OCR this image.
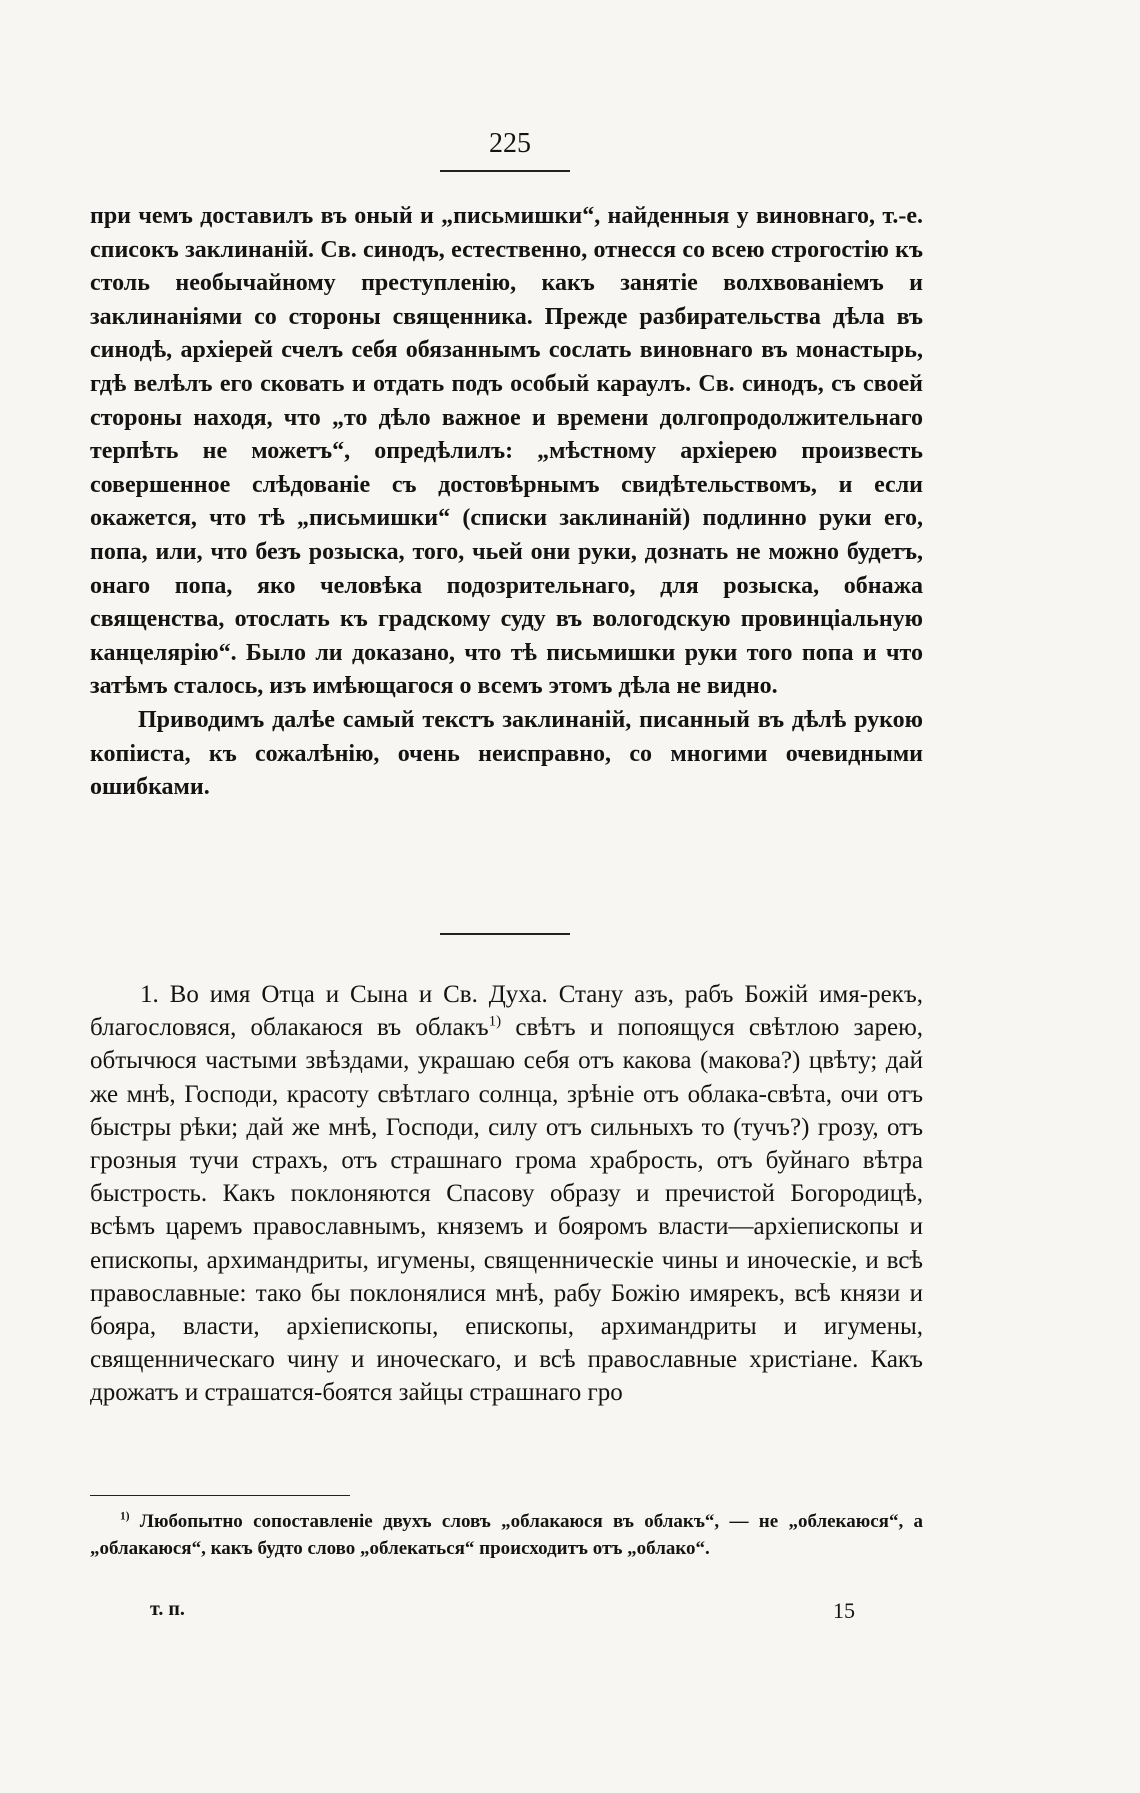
225

при чемъ доставилъ въ оный и „письмишки“, найденныя у виновнаго, т.-е. списокъ заклинаній. Св. синодъ, естественно, отнесся со всею строгостію къ столь необычайному преступленію, какъ занятіе волхвованіемъ и заклинаніями со стороны священника. Прежде разбирательства дѣла въ синодѣ, архіерей счелъ себя обязаннымъ сослать виновнаго въ монастырь, гдѣ велѣлъ его сковать и отдать подъ особый караулъ. Св. синодъ, съ своей стороны находя, что „то дѣло важное и времени долгопродолжительнаго терпѣть не можетъ“, опредѣлилъ: „мѣстному архіерею произвесть совершенное слѣдованіе съ достовѣрнымъ свидѣтельствомъ, и если окажется, что тѣ „письмишки“ (списки заклинаній) подлинно руки его, попа, или, что безъ розыска, того, чьей они руки, дознать не можно будетъ, онаго попа, яко человѣка подозрительнаго, для розыска, обнажа священства, отослать къ градскому суду въ вологодскую провинціальную канцелярію“. Было ли доказано, что тѣ письмишки руки того попа и что затѣмъ сталось, изъ имѣющагося о всемъ этомъ дѣла не видно.

Приводимъ далѣе самый текстъ заклинаній, писанный въ дѣлѣ рукою копіиста, къ сожалѣнію, очень неисправно, со многими очевидными ошибками.

1. Во имя Отца и Сына и Св. Духа. Стану азъ, рабъ Божій имя-рекъ, благословяся, облакаюся въ облакъ$^{1)}$ свѣтъ и попоящуся свѣтлою зарею, обтычюся частыми звѣздами, украшаю себя отъ какова (макова?) цвѣту; дай же мнѣ, Господи, красоту свѣтлаго солнца, зрѣніе отъ облака-свѣта, очи отъ быстры рѣки; дай же мнѣ, Господи, силу отъ сильныхъ то (тучъ?) грозу, отъ грозныя тучи страхъ, отъ страшнаго грома храбрость, отъ буйнаго вѣтра быстрость. Какъ поклоняются Спасову образу и пречистой Богородицѣ, всѣмъ царемъ православнымъ, княземъ и бояромъ власти—архіепископы и епископы, архимандриты, игумены, священническіе чины и иноческіе, и всѣ православные: тако бы поклонялися мнѣ, рабу Божію имярекъ, всѣ князи и бояра, власти, архіепископы, епископы, архимандриты и игумены, священническаго чину и иноческаго, и всѣ православные христіане. Какъ дрожатъ и страшатся-боятся зайцы страшнаго гро

$^{1)}$ Любопытно сопоставленіе двухъ словъ „облакаюся въ облакъ“, — не „облекаюся“, а „облакаюся“, какъ будто слово „облекаться“ происходитъ отъ „облако“.
т. п.	15
